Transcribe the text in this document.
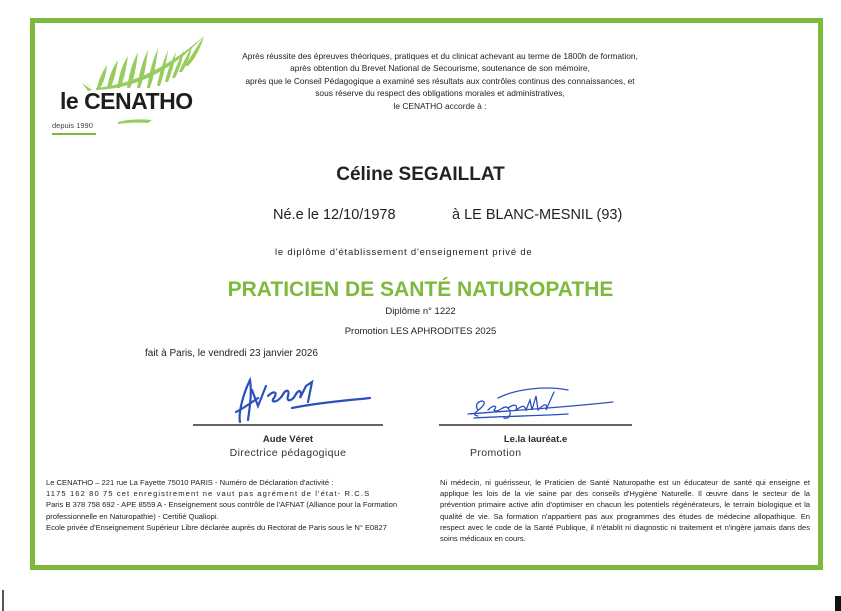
le CENATHO
depuis 1990
Après réussite des épreuves théoriques, pratiques et du clinicat achevant au terme de 1800h de formation,
après obtention du Brevet National de Secourisme, soutenance de son mémoire,
après que le Conseil Pédagogique a examiné ses résultats aux contrôles continus des connaissances, et
sous réserve du respect des obligations morales et administratives,
le CENATHO accorde à :
Céline SEGAILLAT
Né.e le 12/10/1978	à LE BLANC-MESNIL (93)
le diplôme d'établissement d'enseignement privé de
PRATICIEN DE SANTÉ NATUROPATHE
Diplôme n° 1222
Promotion LES APHRODITES 2025
fait à Paris, le vendredi 23 janvier 2026
Aude Véret
Directrice pédagogique
Le.la lauréat.e
Promotion
Le CENATHO – 221 rue La Fayette 75010 PARIS - Numéro de Déclaration d'activité :
1175 162 80 75 cet enregistrement ne vaut pas agrément de l'état- R.C.S
Paris B 378 758 692 - APE 8559 A - Enseignement sous contrôle de l'AFNAT (Alliance pour la Formation professionnelle en Naturopathie) - Certifié Qualiopi.
Ecole privée d'Enseignement Supérieur Libre déclarée auprès du Rectorat de Paris sous le N° E0827
Ni médecin, ni guérisseur, le Praticien de Santé Naturopathe est un éducateur de santé qui enseigne et applique les lois de la vie saine par des conseils d'Hygiène Naturelle. Il œuvre dans le secteur de la prévention primaire active afin d'optimiser en chacun les potentiels régénérateurs, le terrain biologique et la qualité de vie. Sa formation n'appartient pas aux programmes des études de médecine allopathique. En respect avec le code de la Santé Publique, il n'établit ni diagnostic ni traitement et n'ingère jamais dans des soins médicaux en cours.
